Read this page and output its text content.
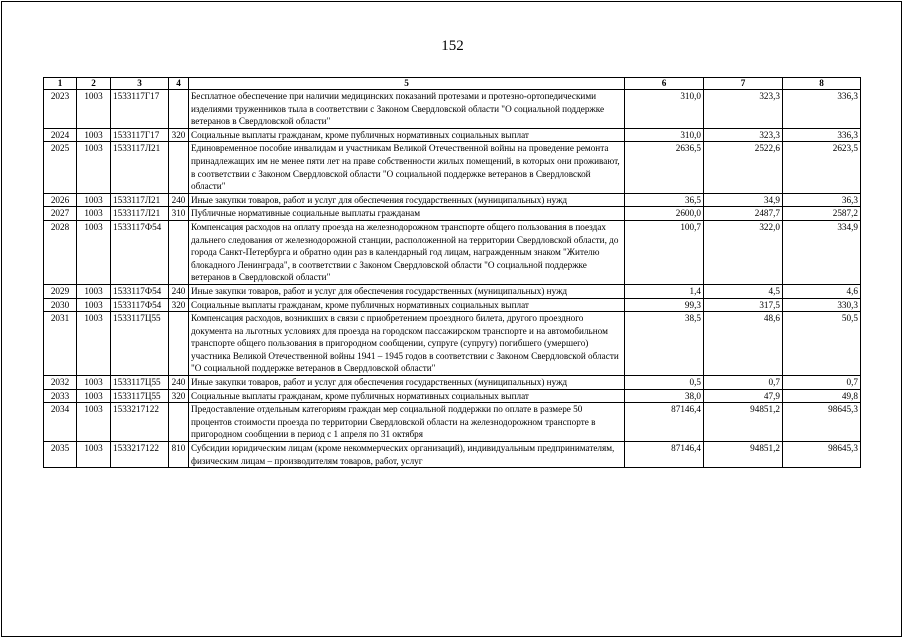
152
1	2	3	4	5	6	7	8
2023	1003	1533117Г17		Бесплатное обеспечение при наличии медицинских показаний протезами и протезно-ортопедическими изделиями труженников тыла в соответствии с Законом Свердловской области "О социальной поддержке ветеранов в Свердловской области"	310,0	323,3	336,3
2024	1003	1533117Г17	320	Социальные выплаты гражданам, кроме публичных нормативных социальных выплат	310,0	323,3	336,3
2025	1003	1533117Л21		Единовременное пособие инвалидам и участникам Великой Отечественной войны на проведение ремонта принадлежащих им не менее пяти лет на праве собственности жилых помещений, в которых они проживают, в соответствии с Законом Свердловской области "О социальной поддержке ветеранов в Свердловской области"	2636,5	2522,6	2623,5
2026	1003	1533117Л21	240	Иные закупки товаров, работ и услуг для обеспечения государственных (муниципальных) нужд	36,5	34,9	36,3
2027	1003	1533117Л21	310	Публичные нормативные социальные выплаты гражданам	2600,0	2487,7	2587,2
2028	1003	1533117Ф54		Компенсация расходов на оплату проезда на железнодорожном транспорте общего пользования в поездах дальнего следования от железнодорожной станции, расположенной на территории Свердловской области, до города Санкт-Петербурга и обратно один раз в календарный год лицам, награжденным знаком "Жителю блокадного Ленинграда", в соответствии с Законом Свердловской области "О социальной поддержке ветеранов в Свердловской области"	100,7	322,0	334,9
2029	1003	1533117Ф54	240	Иные закупки товаров, работ и услуг для обеспечения государственных (муниципальных) нужд	1,4	4,5	4,6
2030	1003	1533117Ф54	320	Социальные выплаты гражданам, кроме публичных нормативных социальных выплат	99,3	317,5	330,3
2031	1003	1533117Ц55		Компенсация расходов, возникших в связи с приобретением проездного билета, другого проездного документа на льготных условиях для проезда на городском пассажирском транспорте и на автомобильном транспорте общего пользования в пригородном сообщении, супруге (супругу) погибшего (умершего) участника Великой Отечественной войны 1941 – 1945 годов в соответствии с Законом Свердловской области "О социальной поддержке ветеранов в Свердловской области"	38,5	48,6	50,5
2032	1003	1533117Ц55	240	Иные закупки товаров, работ и услуг для обеспечения государственных (муниципальных) нужд	0,5	0,7	0,7
2033	1003	1533117Ц55	320	Социальные выплаты гражданам, кроме публичных нормативных социальных выплат	38,0	47,9	49,8
2034	1003	1533217122		Предоставление отдельным категориям граждан мер социальной поддержки по оплате в размере 50 процентов стоимости проезда по территории Свердловской области на железнодорожном транспорте в пригородном сообщении в период с 1 апреля по 31 октября	87146,4	94851,2	98645,3
2035	1003	1533217122	810	Субсидии юридическим лицам (кроме некоммерческих организаций), индивидуальным предпринимателям, физическим лицам – производителям товаров, работ, услуг	87146,4	94851,2	98645,3
